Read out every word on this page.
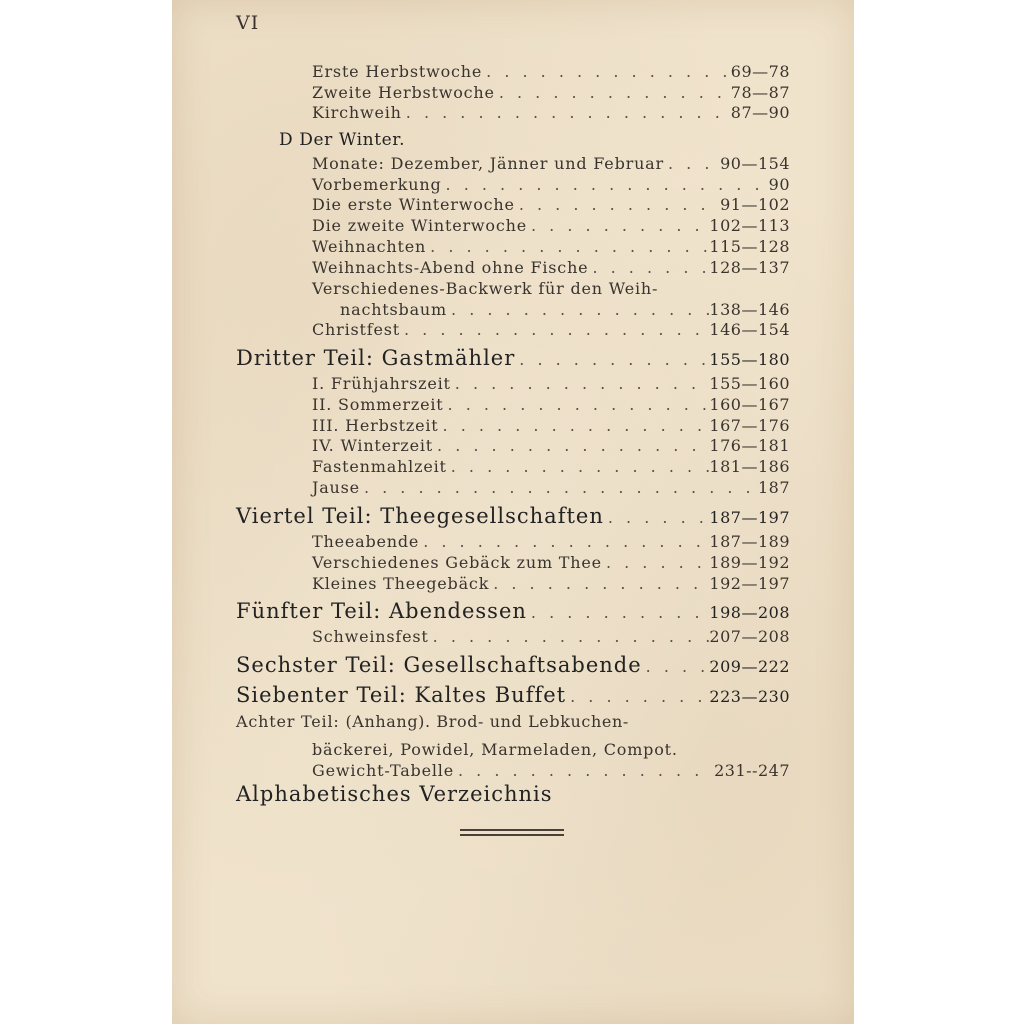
VI
Erste Herbstwoche . . .	69—78
Zweite Herbstwoche . . .	78—87
Kirchweih . . .	87—90
D Der Winter.
Monate: Dezember, Jänner und Februar . . .	90—154
Vorbemerkung . . .	90
Die erste Winterwoche . . .	91—102
Die zweite Winterwoche . . .	102—113
Weihnachten . . .	115—128
Weihnachts-Abend ohne Fische . . .	128—137
Verschiedenes-Backwerk für den Weih-
nachtsbaum . . .	138—146
Christfest . . .	146—154
Dritter Teil: Gastmähler . . .	155—180
I. Frühjahrszeit . . .	155—160
II. Sommerzeit . . .	160—167
III. Herbstzeit . . .	167—176
IV. Winterzeit . . .	176—181
Fastenmahlzeit . . .	181—186
Jause . . .	187
Viertel Teil: Theegesellschaften . . .	187—197
Theeabende . . .	187—189
Verschiedenes Gebäck zum Thee . . .	189—192
Kleines Theegebäck . . .	192—197
Fünfter Teil: Abendessen . . .	198—208
Schweinsfest . . .	207—208
Sechster Teil: Gesellschaftsabende . . .	209—222
Siebenter Teil: Kaltes Buffet . . .	223—230
Achter Teil: (Anhang). Brod- und Lebkuchen-
bäckerei, Powidel, Marmeladen, Compot.
Gewicht-Tabelle . . .	231--247
Alphabetisches Verzeichnis
